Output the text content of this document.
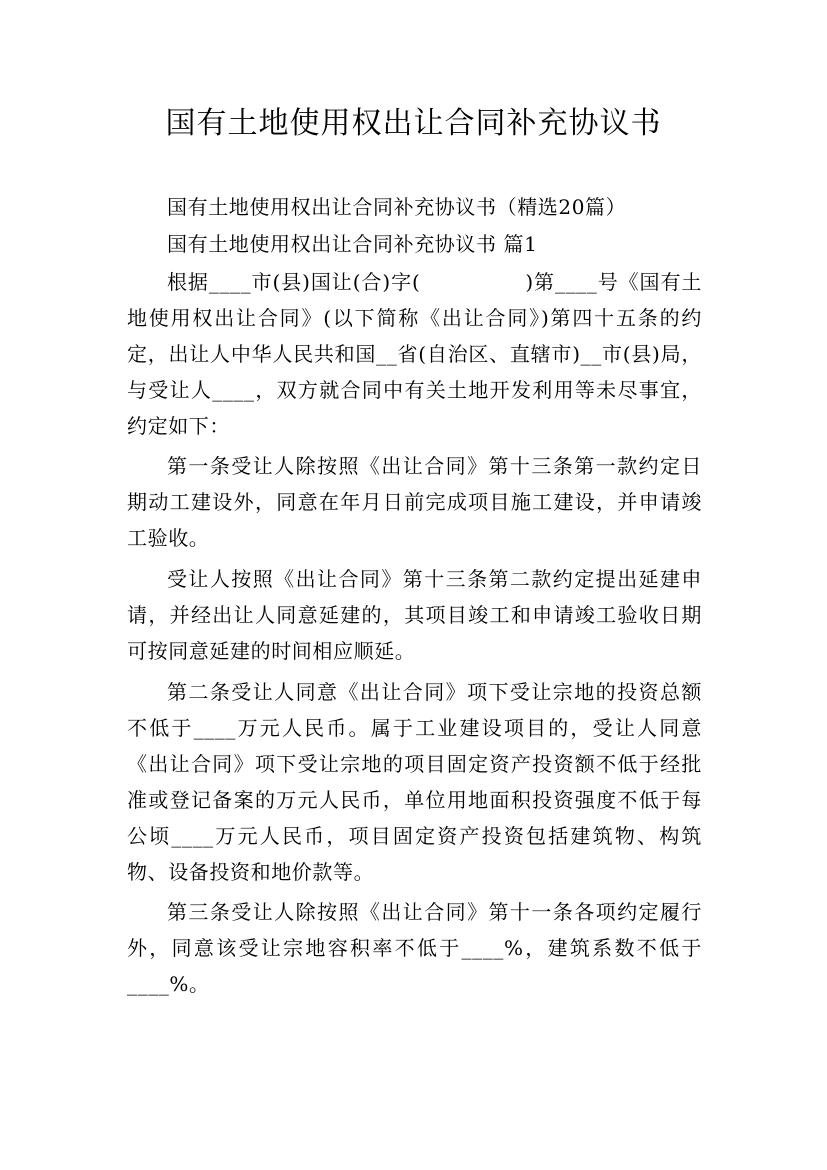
国有土地使用权出让合同补充协议书

国有土地使用权出让合同补充协议书（精选20篇）

国有土地使用权出让合同补充协议书 篇1

根据____市(县)国让(合)字(　　　　　)第____号《国有土地使用权出让合同》(以下简称《出让合同》)第四十五条的约定，出让人中华人民共和国__省(自治区、直辖市)__市(县)局，与受让人____，双方就合同中有关土地开发利用等未尽事宜，约定如下：

第一条受让人除按照《出让合同》第十三条第一款约定日期动工建设外，同意在年月日前完成项目施工建设，并申请竣工验收。

受让人按照《出让合同》第十三条第二款约定提出延建申请，并经出让人同意延建的，其项目竣工和申请竣工验收日期可按同意延建的时间相应顺延。

第二条受让人同意《出让合同》项下受让宗地的投资总额不低于____万元人民币。属于工业建设项目的，受让人同意《出让合同》项下受让宗地的项目固定资产投资额不低于经批准或登记备案的万元人民币，单位用地面积投资强度不低于每公顷____万元人民币，项目固定资产投资包括建筑物、构筑物、设备投资和地价款等。

第三条受让人除按照《出让合同》第十一条各项约定履行外，同意该受让宗地容积率不低于____%，建筑系数不低于____%。
